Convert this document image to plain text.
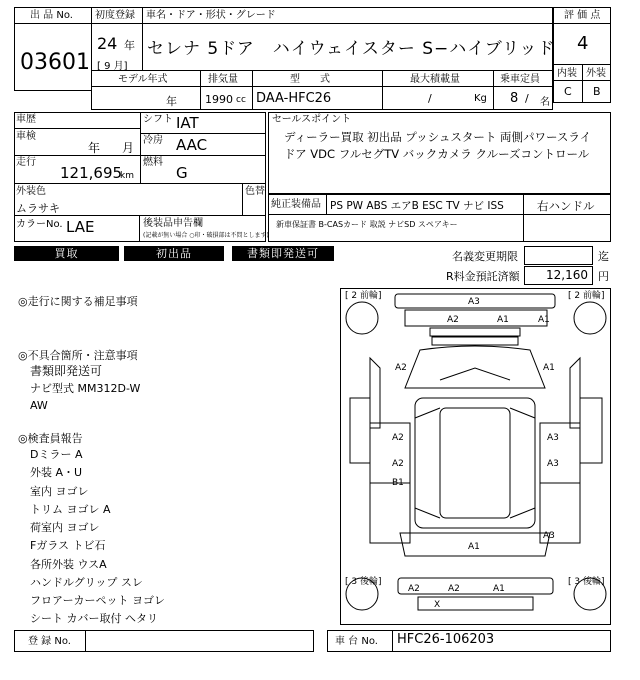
出 品 No.
03601
初度登録 車名・ドア・形状・グレード
24 年
[ 9 月]
セレナ 5ドア　ハイウェイスター S−ハイブリッド
評 価 点
4
内装 外装
C B
モデル年式	排気量	型　　式	最大積載量	乗車定員
年	1990 cc DAA-HFC26	/	Kg 8 / 名
車歴
車検
年 月
走行
121,695
km
シフト IAT
冷房 AAC
燃料
G
外装色
ムラサキ
色替
カラーNo. LAE	後装品申告欄
(記載が無い場合 ○印・破損部は不問とします)
セールスポイント
ディーラー買取 初出品 プッシュスタート 両側パワースライ
ドア VDC フルセグTV バックカメラ クルーズコントロール
純正装備品 PS PW ABS エアB ESC TV ナビ ISS	右ハンドル
新車保証書 B-CASカード 取説 ナビSD スペアキー
買取	初出品	書類即発送可	名義変更期限	迄
R料金預託済額 12,160 円
◎走行に関する補足事項
◎不具合箇所・注意事項
書類即発送可
ナビ型式 MM312D-W
AW
◎検査員報告
Dミラー A
外装 A・U
室内 ヨゴレ
トリム ヨゴレ A
荷室内 ヨゴレ
Fガラス トビ石
各所外装 ウスA
ハンドルグリップ スレ
フロアーカーペット ヨゴレ
シート カバー取付 ヘタリ
[ 2 前輪]	[ 2 前輪]
[ 3 後輪]	[ 3 後輪]
A3
A2	A1	A1
A2	A1
A2	A3
A2	A3
B1
A3
A1
A2	A2	A1
X
登 録 No.	車 台 No. HFC26-106203
